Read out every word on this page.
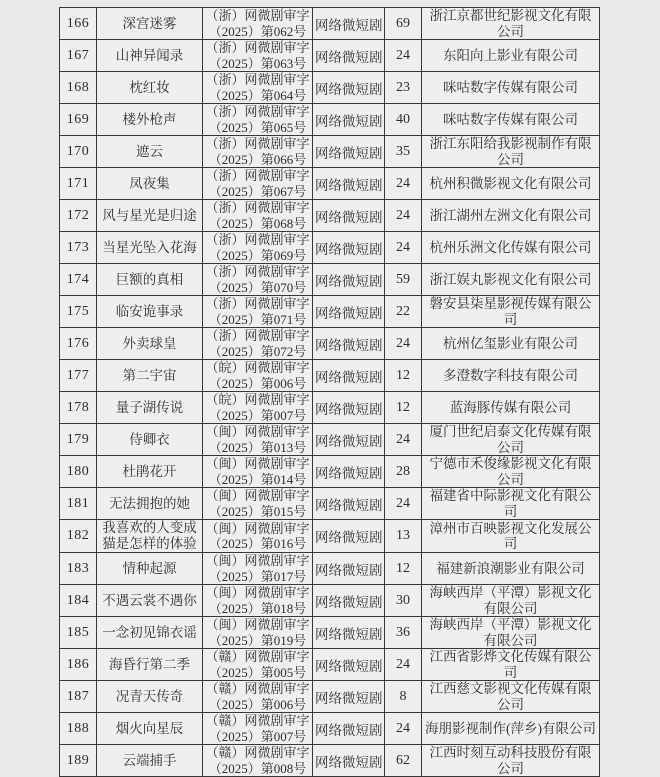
166	深宫迷雾	（浙）网微剧审字
（2025）第062号	网络微短剧	69	浙江京都世纪影视文化有限公司
167	山神异闻录	（浙）网微剧审字
（2025）第063号	网络微短剧	24	东阳向上影业有限公司
168	枕红妆	（浙）网微剧审字
（2025）第064号	网络微短剧	23	咪咕数字传媒有限公司
169	楼外枪声	（浙）网微剧审字
（2025）第065号	网络微短剧	40	咪咕数字传媒有限公司
170	遮云	（浙）网微剧审字
（2025）第066号	网络微短剧	35	浙江东阳给我影视制作有限公司
171	凤夜集	（浙）网微剧审字
（2025）第067号	网络微短剧	24	杭州积微影视文化有限公司
172	风与星光是归途	（浙）网微剧审字
（2025）第068号	网络微短剧	24	浙江湖州左洲文化有限公司
173	当星光坠入花海	（浙）网微剧审字
（2025）第069号	网络微短剧	24	杭州乐洲文化传媒有限公司
174	巨额的真相	（浙）网微剧审字
（2025）第070号	网络微短剧	59	浙江娱丸影视文化有限公司
175	临安诡事录	（浙）网微剧审字
（2025）第071号	网络微短剧	22	磐安县柒星影视传媒有限公司
176	外卖球皇	（浙）网微剧审字
（2025）第072号	网络微短剧	24	杭州亿玺影业有限公司
177	第二宇宙	（皖）网微剧审字
（2025）第006号	网络微短剧	12	多澄数字科技有限公司
178	量子湖传说	（皖）网微剧审字
（2025）第007号	网络微短剧	12	蓝海豚传媒有限公司
179	侍卿衣	（闽）网微剧审字
（2025）第013号	网络微短剧	24	厦门世纪启泰文化传媒有限公司
180	杜鹃花开	（闽）网微剧审字
（2025）第014号	网络微短剧	28	宁德市禾俊缘影视文化有限公司
181	无法拥抱的她	（闽）网微剧审字
（2025）第015号	网络微短剧	24	福建省中际影视文化有限公司
182	我喜欢的人变成猫是怎样的体验	（闽）网微剧审字
（2025）第016号	网络微短剧	13	漳州市百映影视文化发展公司
183	情种起源	（闽）网微剧审字
（2025）第017号	网络微短剧	12	福建新浪潮影业有限公司
184	不遇云裳不遇你	（闽）网微剧审字
（2025）第018号	网络微短剧	30	海峡西岸（平潭）影视文化有限公司
185	一念初见锦衣谣	（闽）网微剧审字
（2025）第019号	网络微短剧	36	海峡西岸（平潭）影视文化有限公司
186	海昏行第二季	（赣）网微剧审字
（2025）第005号	网络微短剧	24	江西省影烨文化传媒有限公司
187	况青天传奇	（赣）网微剧审字
（2025）第006号	网络微短剧	8	江西慈文影视文化传媒有限公司
188	烟火向星辰	（赣）网微剧审字
（2025）第007号	网络微短剧	24	海朋影视制作(萍乡)有限公司
189	云端捕手	（赣）网微剧审字
（2025）第008号	网络微短剧	62	江西时刻互动科技股份有限公司
